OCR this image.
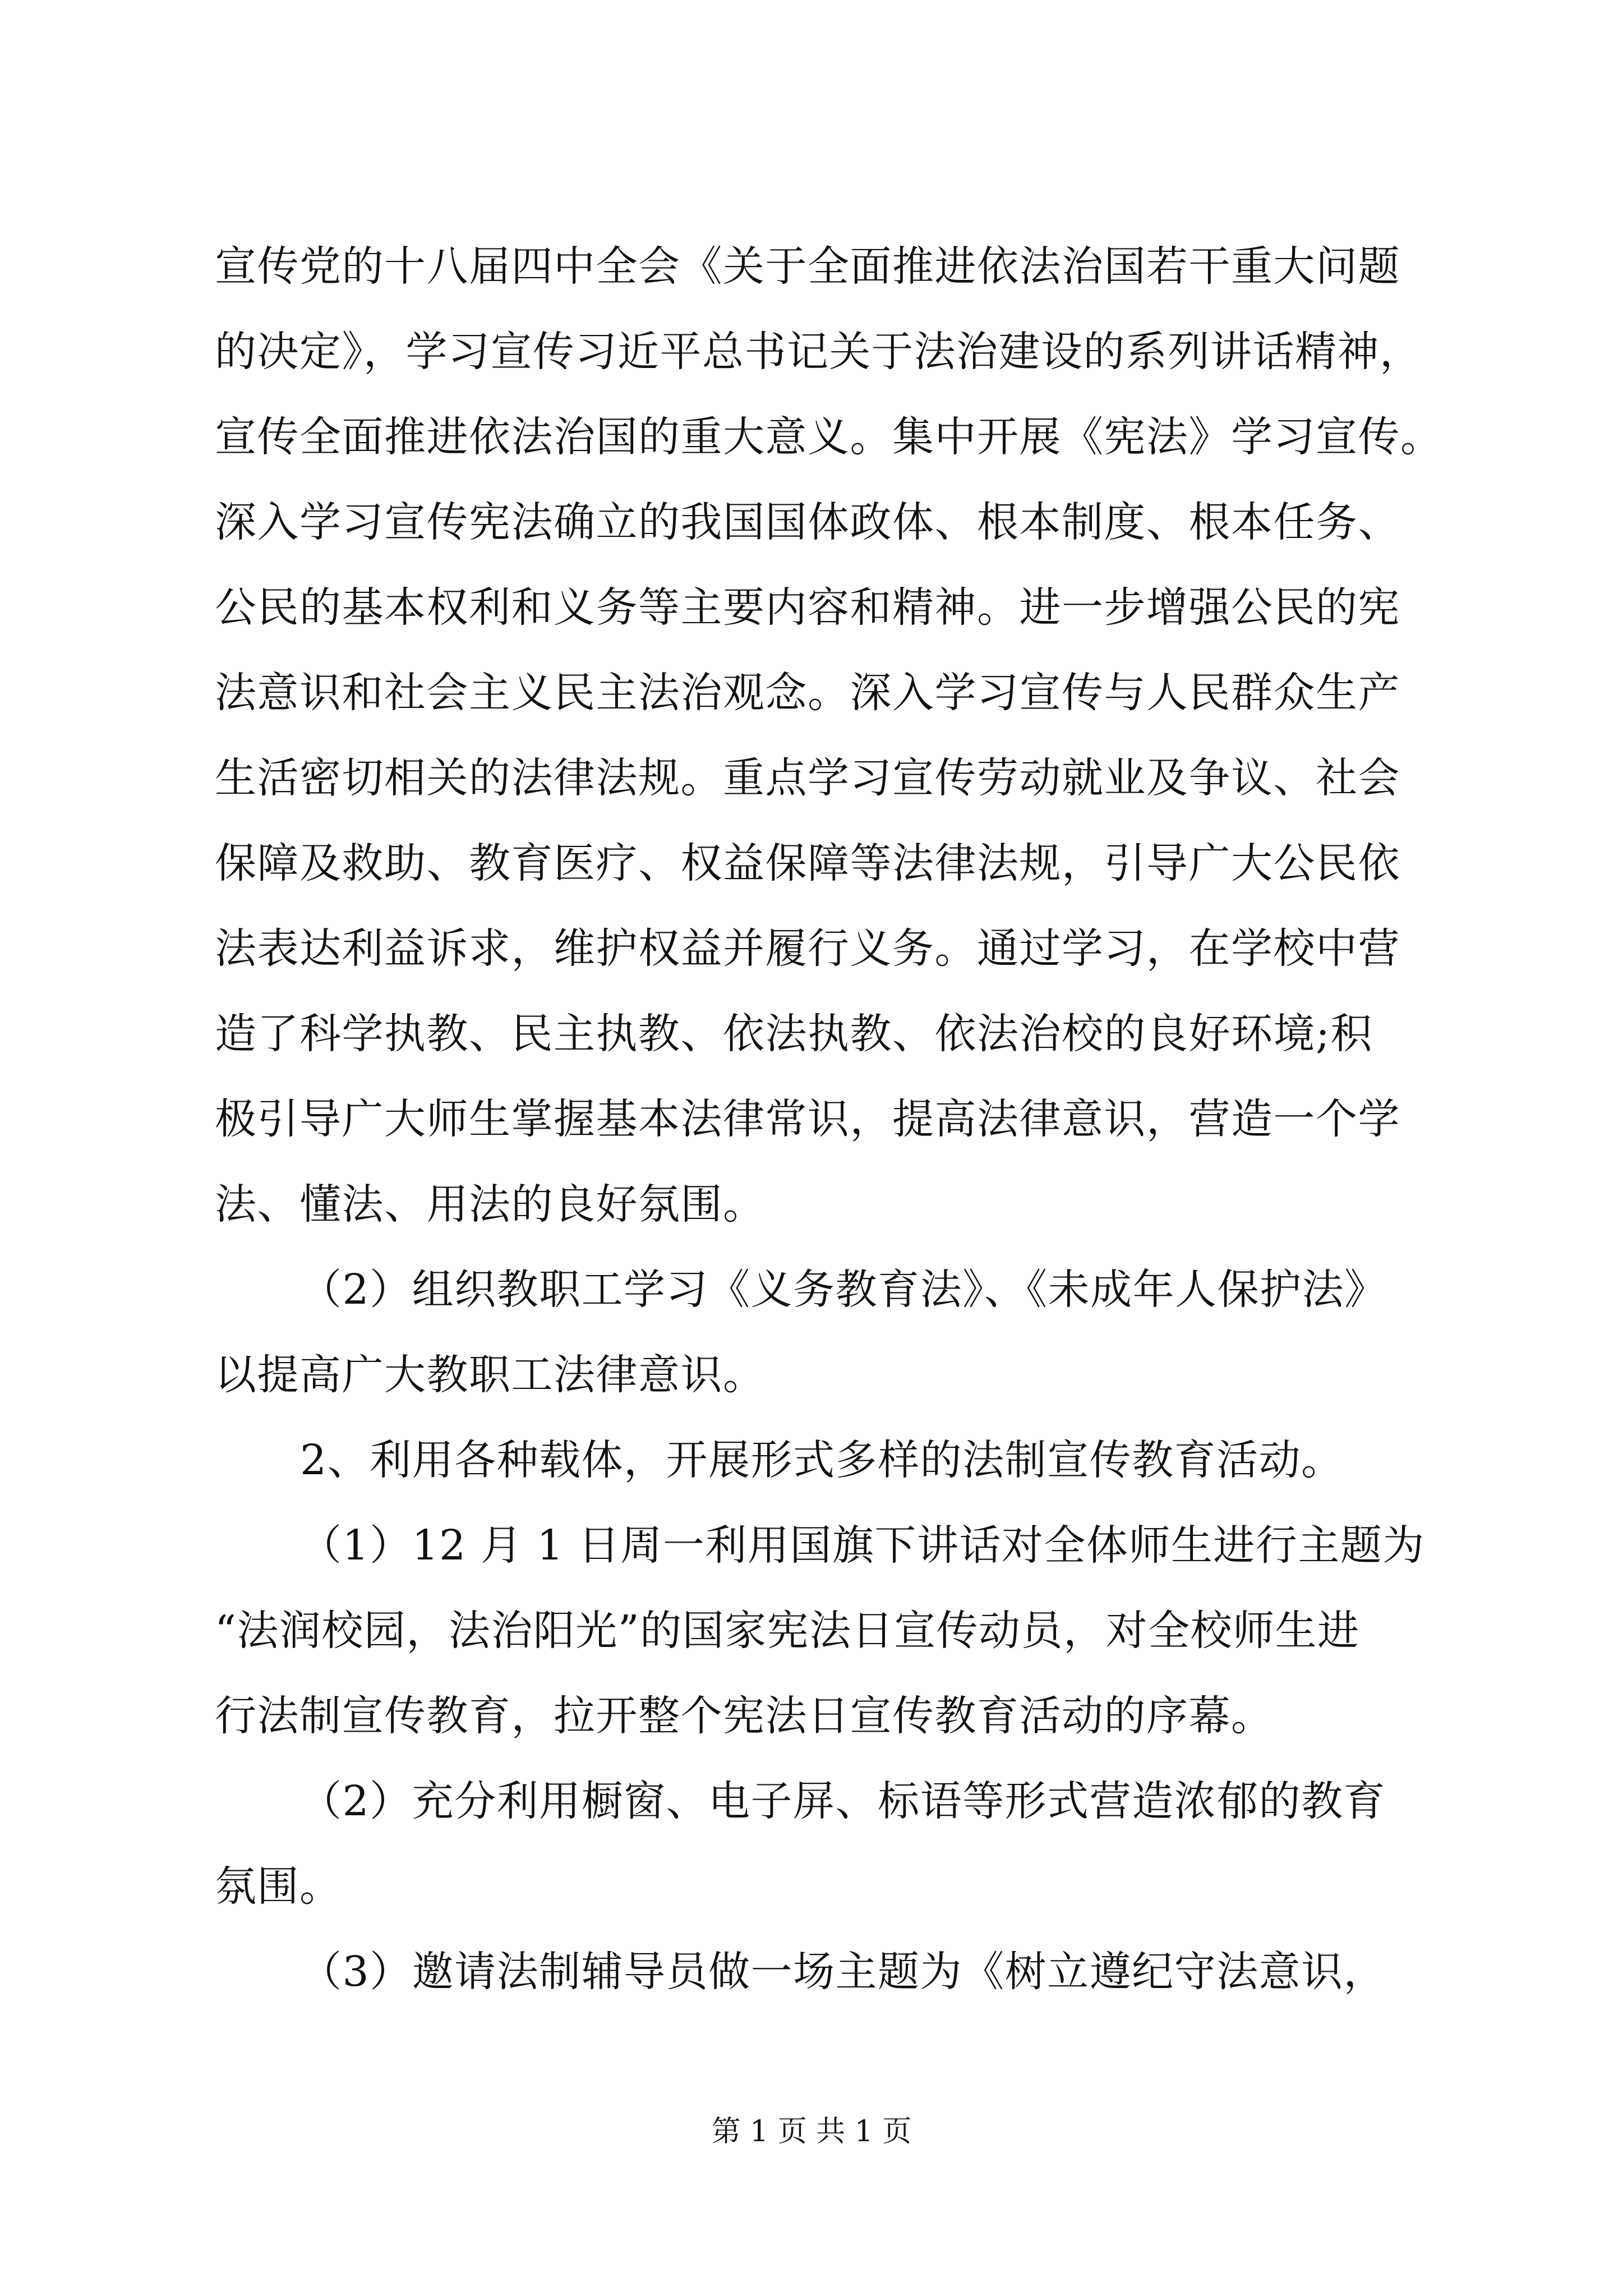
宣传党的十八届四中全会《关于全面推进依法治国若干重大问题
的决定》，学习宣传习近平总书记关于法治建设的系列讲话精神，
宣传全面推进依法治国的重大意义。集中开展《宪法》学习宣传。
深入学习宣传宪法确立的我国国体政体、根本制度、根本任务、
公民的基本权利和义务等主要内容和精神。进一步增强公民的宪
法意识和社会主义民主法治观念。深入学习宣传与人民群众生产
生活密切相关的法律法规。重点学习宣传劳动就业及争议、社会
保障及救助、教育医疗、权益保障等法律法规，引导广大公民依
法表达利益诉求，维护权益并履行义务。通过学习，在学校中营
造了科学执教、民主执教、依法执教、依法治校的良好环境;积
极引导广大师生掌握基本法律常识，提高法律意识，营造一个学
法、懂法、用法的良好氛围。
（2）组织教职工学习《义务教育法》、《未成年人保护法》
以提高广大教职工法律意识。
2、利用各种载体，开展形式多样的法制宣传教育活动。
（1）12 月 1 日周一利用国旗下讲话对全体师生进行主题为
“法润校园，法治阳光”的国家宪法日宣传动员，对全校师生进
行法制宣传教育，拉开整个宪法日宣传教育活动的序幕。
（2）充分利用橱窗、电子屏、标语等形式营造浓郁的教育
氛围。
第 1 页 共 1 页
（3）邀请法制辅导员做一场主题为《树立遵纪守法意识，
